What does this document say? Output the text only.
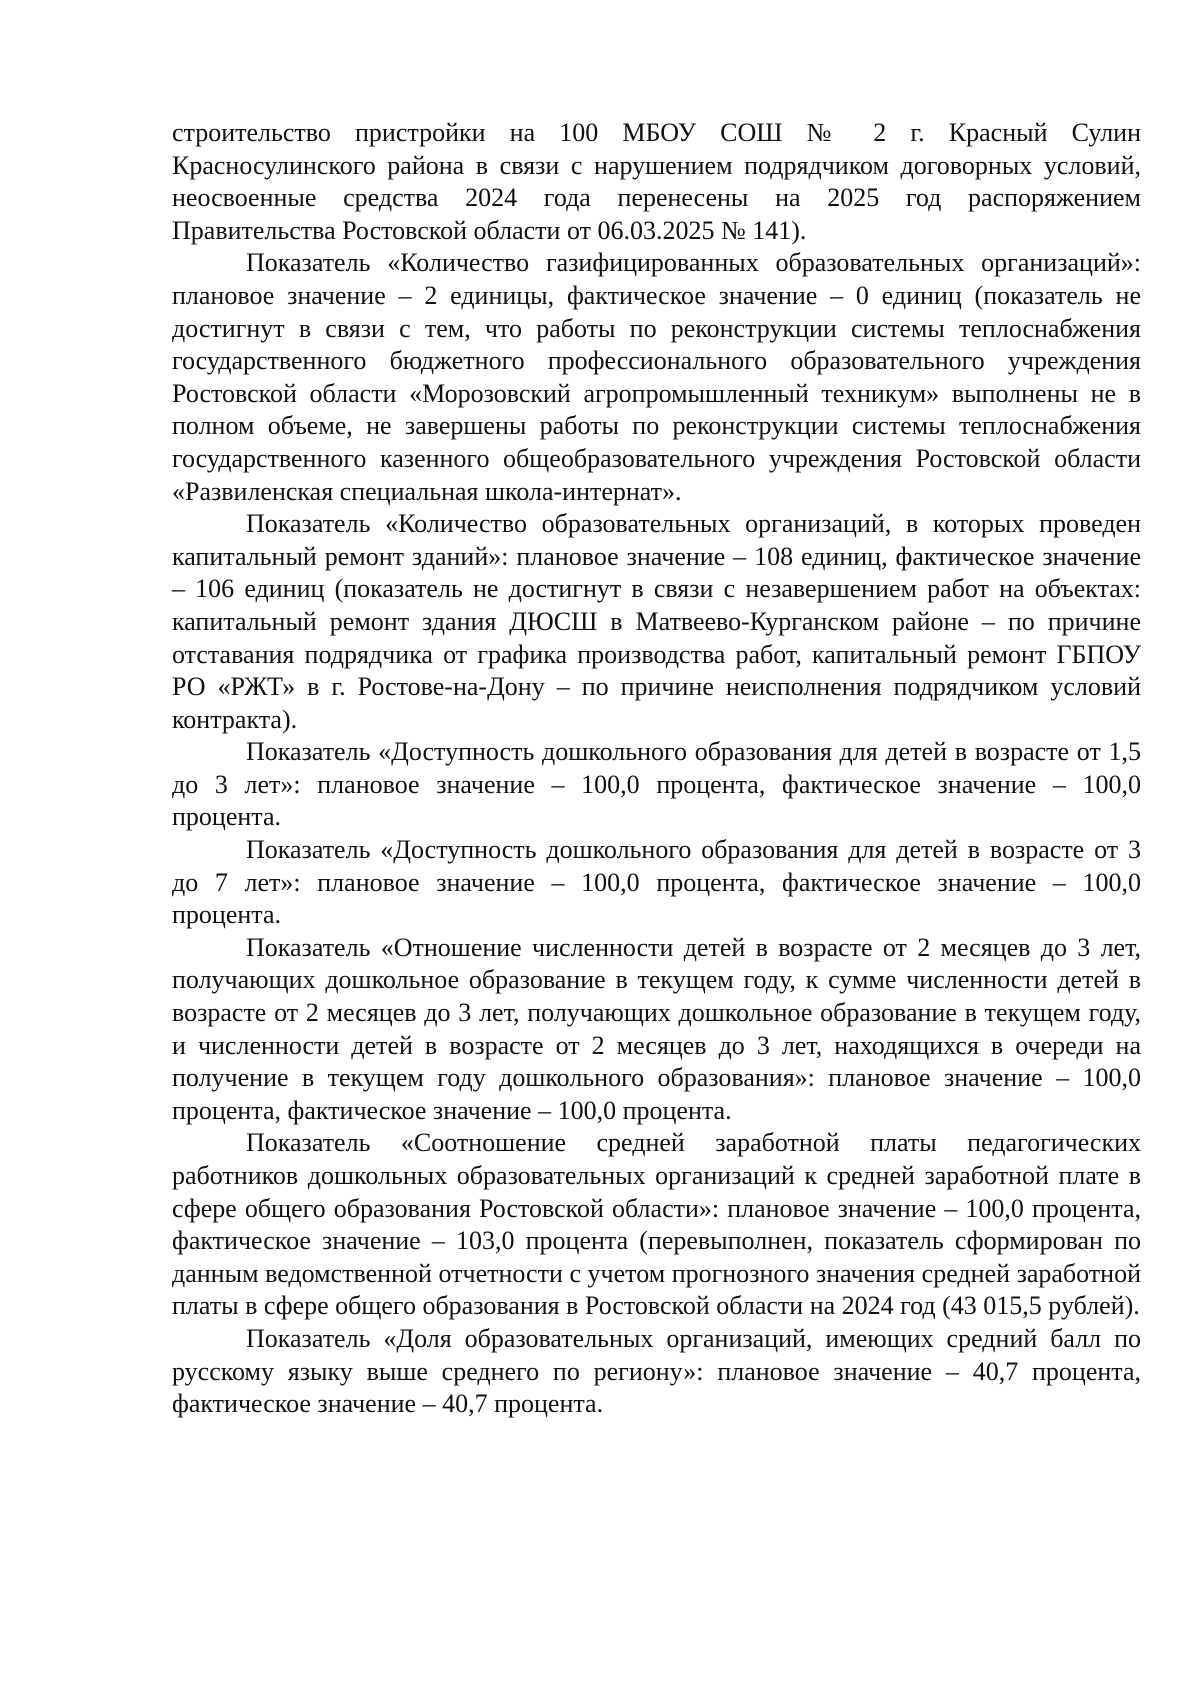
строительство пристройки на 100 МБОУ СОШ № 2 г. Красный Сулин Красносулинского района в связи с нарушением подрядчиком договорных условий, неосвоенные средства 2024 года перенесены на 2025 год распоряжением Правительства Ростовской области от 06.03.2025 № 141).

Показатель «Количество газифицированных образовательных организаций»: плановое значение – 2 единицы, фактическое значение – 0 единиц (показатель не достигнут в связи с тем, что работы по реконструкции системы теплоснабжения государственного бюджетного профессионального образовательного учреждения Ростовской области «Морозовский агропромышленный техникум» выполнены не в полном объеме, не завершены работы по реконструкции системы теплоснабжения государственного казенного общеобразовательного учреждения Ростовской области «Развиленская специальная школа-интернат».

Показатель «Количество образовательных организаций, в которых проведен капитальный ремонт зданий»: плановое значение – 108 единиц, фактическое значение – 106 единиц (показатель не достигнут в связи с незавершением работ на объектах: капитальный ремонт здания ДЮСШ в Матвеево-Курганском районе – по причине отставания подрядчика от графика производства работ, капитальный ремонт ГБПОУ РО «РЖТ» в г. Ростове-на-Дону – по причине неисполнения подрядчиком условий контракта).

Показатель «Доступность дошкольного образования для детей в возрасте от 1,5 до 3 лет»: плановое значение – 100,0 процента, фактическое значение – 100,0 процента.

Показатель «Доступность дошкольного образования для детей в возрасте от 3 до 7 лет»: плановое значение – 100,0 процента, фактическое значение – 100,0 процента.

Показатель «Отношение численности детей в возрасте от 2 месяцев до 3 лет, получающих дошкольное образование в текущем году, к сумме численности детей в возрасте от 2 месяцев до 3 лет, получающих дошкольное образование в текущем году, и численности детей в возрасте от 2 месяцев до 3 лет, находящихся в очереди на получение в текущем году дошкольного образования»: плановое значение – 100,0 процента, фактическое значение – 100,0 процента.

Показатель «Соотношение средней заработной платы педагогических работников дошкольных образовательных организаций к средней заработной плате в сфере общего образования Ростовской области»: плановое значение – 100,0 процента, фактическое значение – 103,0 процента (перевыполнен, показатель сформирован по данным ведомственной отчетности с учетом прогнозного значения средней заработной платы в сфере общего образования в Ростовской области на 2024 год (43 015,5 рублей).

Показатель «Доля образовательных организаций, имеющих средний балл по русскому языку выше среднего по региону»: плановое значение – 40,7 процента, фактическое значение – 40,7 процента.
